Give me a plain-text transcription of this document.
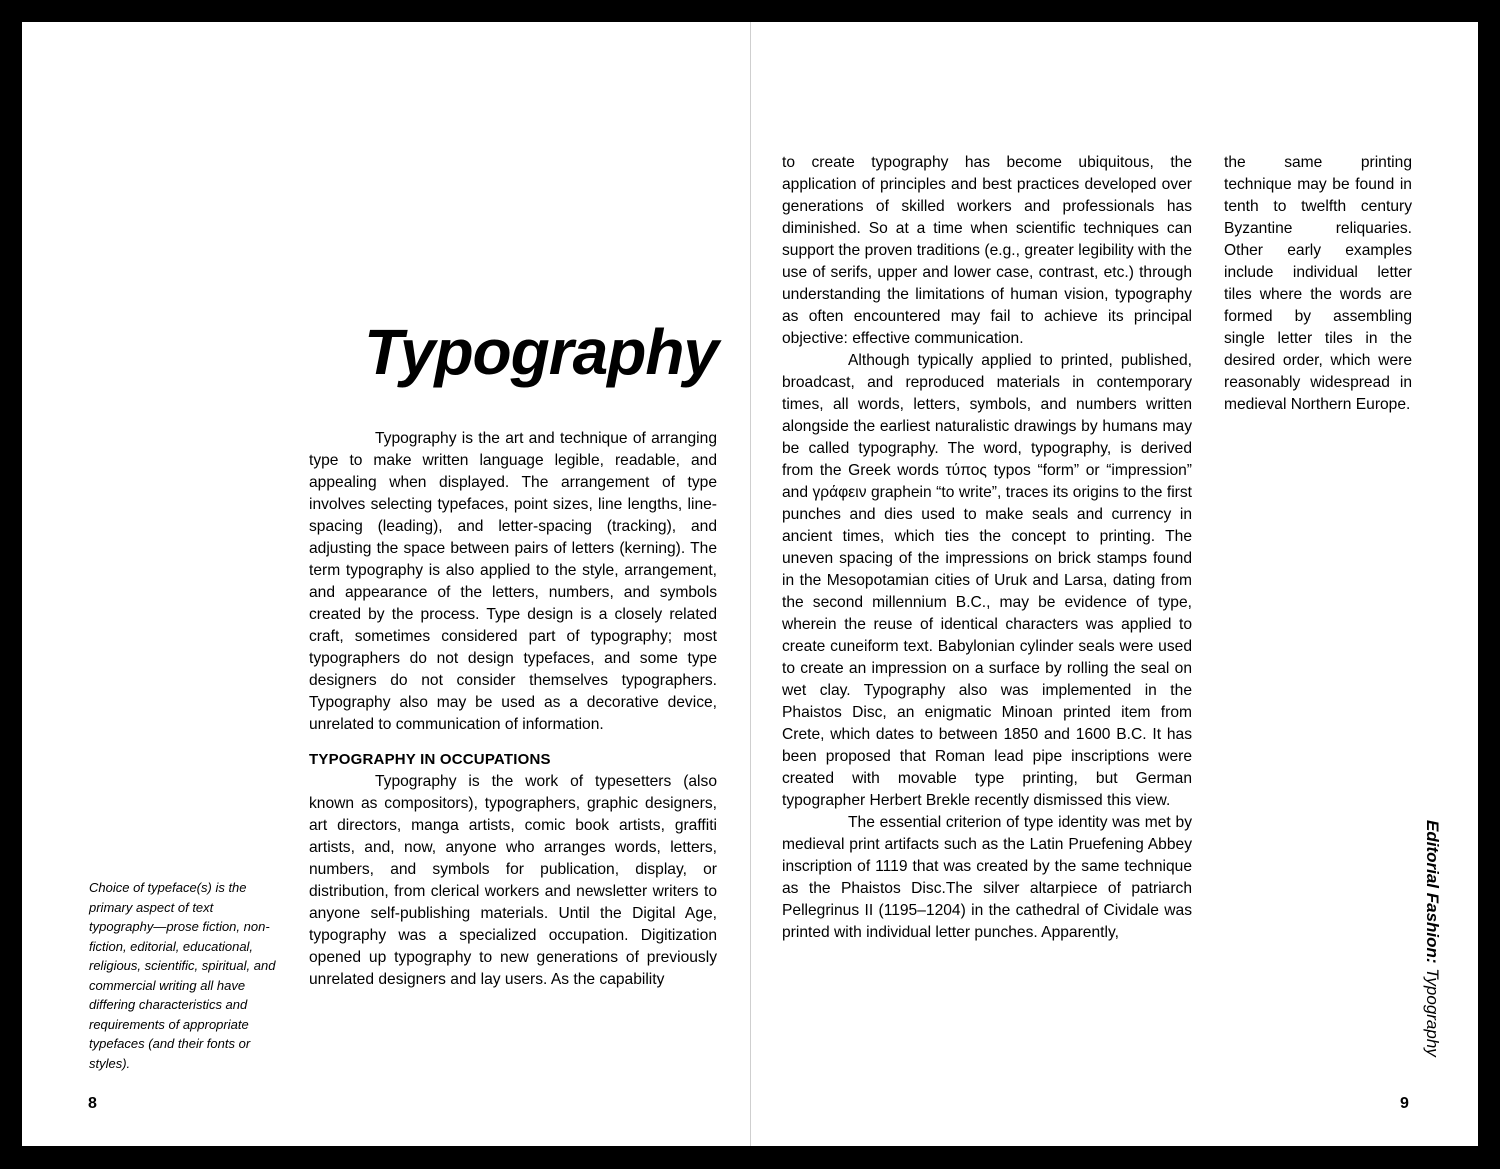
Typography

Typography is the art and technique of arranging type to make written language legible, readable, and appealing when displayed. The arrangement of type involves selecting typefaces, point sizes, line lengths, line-spacing (leading), and letter-spacing (tracking), and adjusting the space between pairs of letters (kerning). The term typography is also applied to the style, arrangement, and appearance of the letters, numbers, and symbols created by the process. Type design is a closely related craft, sometimes considered part of typography; most typographers do not design typefaces, and some type designers do not consider themselves typographers. Typography also may be used as a decorative device, unrelated to communication of information.

TYPOGRAPHY IN OCCUPATIONS

Typography is the work of typesetters (also known as compositors), typographers, graphic designers, art directors, manga artists, comic book artists, graffiti artists, and, now, anyone who arranges words, letters, numbers, and symbols for publication, display, or distribution, from clerical workers and newsletter writers to anyone self-publishing materials. Until the Digital Age, typography was a specialized occupation. Digitization opened up typography to new generations of previously unrelated designers and lay users. As the capability

Choice of typeface(s) is the primary aspect of text typography—prose fiction, non-fiction, editorial, educational, religious, scientific, spiritual, and commercial writing all have differing characteristics and requirements of appropriate typefaces (and their fonts or styles).

8

to create typography has become ubiquitous, the application of principles and best practices developed over generations of skilled workers and professionals has diminished. So at a time when scientific techniques can support the proven traditions (e.g., greater legibility with the use of serifs, upper and lower case, contrast, etc.) through understanding the limitations of human vision, typography as often encountered may fail to achieve its principal objective: effective communication.

Although typically applied to printed, published, broadcast, and reproduced materials in contemporary times, all words, letters, symbols, and numbers written alongside the earliest naturalistic drawings by humans may be called typography. The word, typography, is derived from the Greek words τύπος typos “form” or “impression” and γράφειν graphein “to write”, traces its origins to the first punches and dies used to make seals and currency in ancient times, which ties the concept to printing. The uneven spacing of the impressions on brick stamps found in the Mesopotamian cities of Uruk and Larsa, dating from the second millennium B.C., may be evidence of type, wherein the reuse of identical characters was applied to create cuneiform text. Babylonian cylinder seals were used to create an impression on a surface by rolling the seal on wet clay. Typography also was implemented in the Phaistos Disc, an enigmatic Minoan printed item from Crete, which dates to between 1850 and 1600 B.C. It has been proposed that Roman lead pipe inscriptions were created with movable type printing, but German typographer Herbert Brekle recently dismissed this view.

The essential criterion of type identity was met by medieval print artifacts such as the Latin Pruefening Abbey inscription of 1119 that was created by the same technique as the Phaistos Disc.The silver altarpiece of patriarch Pellegrinus II (1195–1204) in the cathedral of Cividale was printed with individual letter punches. Apparently,

the same printing technique may be found in tenth to twelfth century Byzantine reliquaries. Other early examples include individual letter tiles where the words are formed by assembling single letter tiles in the desired order, which were reasonably widespread in medieval Northern Europe.

Editorial Fashion: Typography
9
